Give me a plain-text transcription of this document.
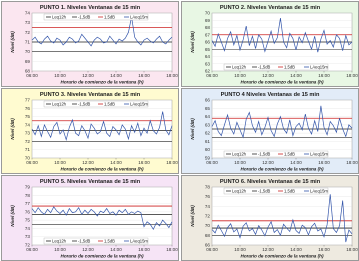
PUNTO 1. Niveles Ventanas de 15 min
74
73
72
71
70
69
68
06:00	10:00	12:00	14:00	16:00	18:00
Horario de comienzo de la ventana (h)
Nivel (dB)
Leq12h	-1,5dB	1,5dB	LAeq15m
PUNTO 2. Niveles Ventanas de 15 min
70
69
68
67
66
65
64
63
62
06:00	10:00	12:00	14:00	16:00	18:00
Horario de comienzo de la ventana (h)
Nivel (dB)
Leq12h	-1,5dB	1,5dB	LAeq15m
PUNTO 3. Niveles Ventanas de 15 min
77
76
75
74
73
72
71
70
06:00	10:00	12:00	14:00	16:00	18:00
Horario de comienzo de la ventana (h)
Nivel (dB)
Leq12h	-1,5dB	1,5dB	LAeq15m
PUNTO 4 Niveles Ventanas de 15 min
66
65
64
63
62
61
60
59
06:00	10:00	12:00	14:00	16:00	18:00
Horario de comienzo de la ventana (h)
Nivel (dB)
Leq12h	-1,5dB	1,5dB	LAeq15m
PUNTO 5. Niveles Ventanas de 15 min
79
78
77
76
75
74
73
72
06:00	10:00	12:00	14:00	16:00	18:00
Horario de comienzo de la ventana (h)
Nivel (dB)
Leq12h	-1,5dB	1,5dB	LAeq15m
PUNTO 6. Niveles Ventanas de 15 min
78
76
74
72
70
68
66
06:00	10:00	12:00	14:00	16:00	18:00
Horario de comienzo de la ventana (h)
Nivel (dB)
Leq12h	-1,5dB	1,5dB	LAeq15m
